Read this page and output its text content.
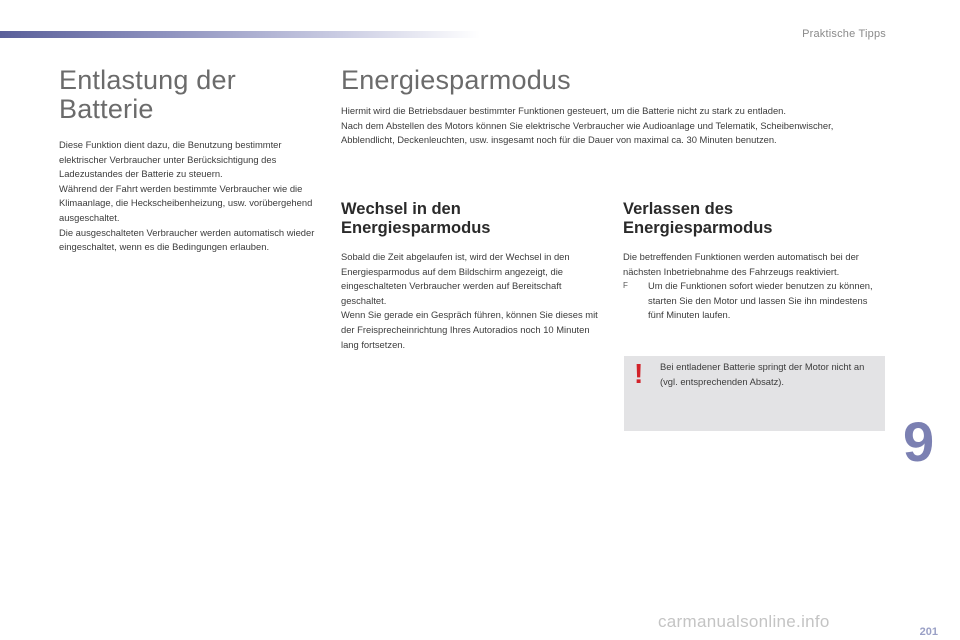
Praktische Tipps
Entlastung der
Batterie

Diese Funktion dient dazu, die Benutzung bestimmter elektrischer Verbraucher unter Berücksichtigung des Ladezustandes der Batterie zu steuern.

Während der Fahrt werden bestimmte Verbraucher wie die Klimaanlage, die Heckscheibenheizung, usw. vorübergehend ausgeschaltet.

Die ausgeschalteten Verbraucher werden automatisch wieder eingeschaltet, wenn es die Bedingungen erlauben.

Energiesparmodus

Hiermit wird die Betriebsdauer bestimmter Funktionen gesteuert, um die Batterie nicht zu stark zu entladen.

Nach dem Abstellen des Motors können Sie elektrische Verbraucher wie Audioanlage und Telematik, Scheibenwischer, Abblendlicht, Deckenleuchten, usw. insgesamt noch für die Dauer von maximal ca. 30 Minuten benutzen.

Wechsel in den
Energiesparmodus

Sobald die Zeit abgelaufen ist, wird der Wechsel in den Energiesparmodus auf dem Bildschirm angezeigt, die eingeschalteten Verbraucher werden auf Bereitschaft geschaltet.

Wenn Sie gerade ein Gespräch führen, können Sie dieses mit der Freisprecheinrichtung Ihres Autoradios noch 10 Minuten lang fortsetzen.

Verlassen des
Energiesparmodus

Die betreffenden Funktionen werden automatisch bei der nächsten Inbetriebnahme des Fahrzeugs reaktiviert.

F	Um die Funktionen sofort wieder benutzen zu können, starten Sie den Motor und lassen Sie ihn mindestens fünf Minuten laufen.

! Bei entladener Batterie springt der Motor nicht an (vgl. entsprechenden Absatz).

9
201
carmanualsonline.info
